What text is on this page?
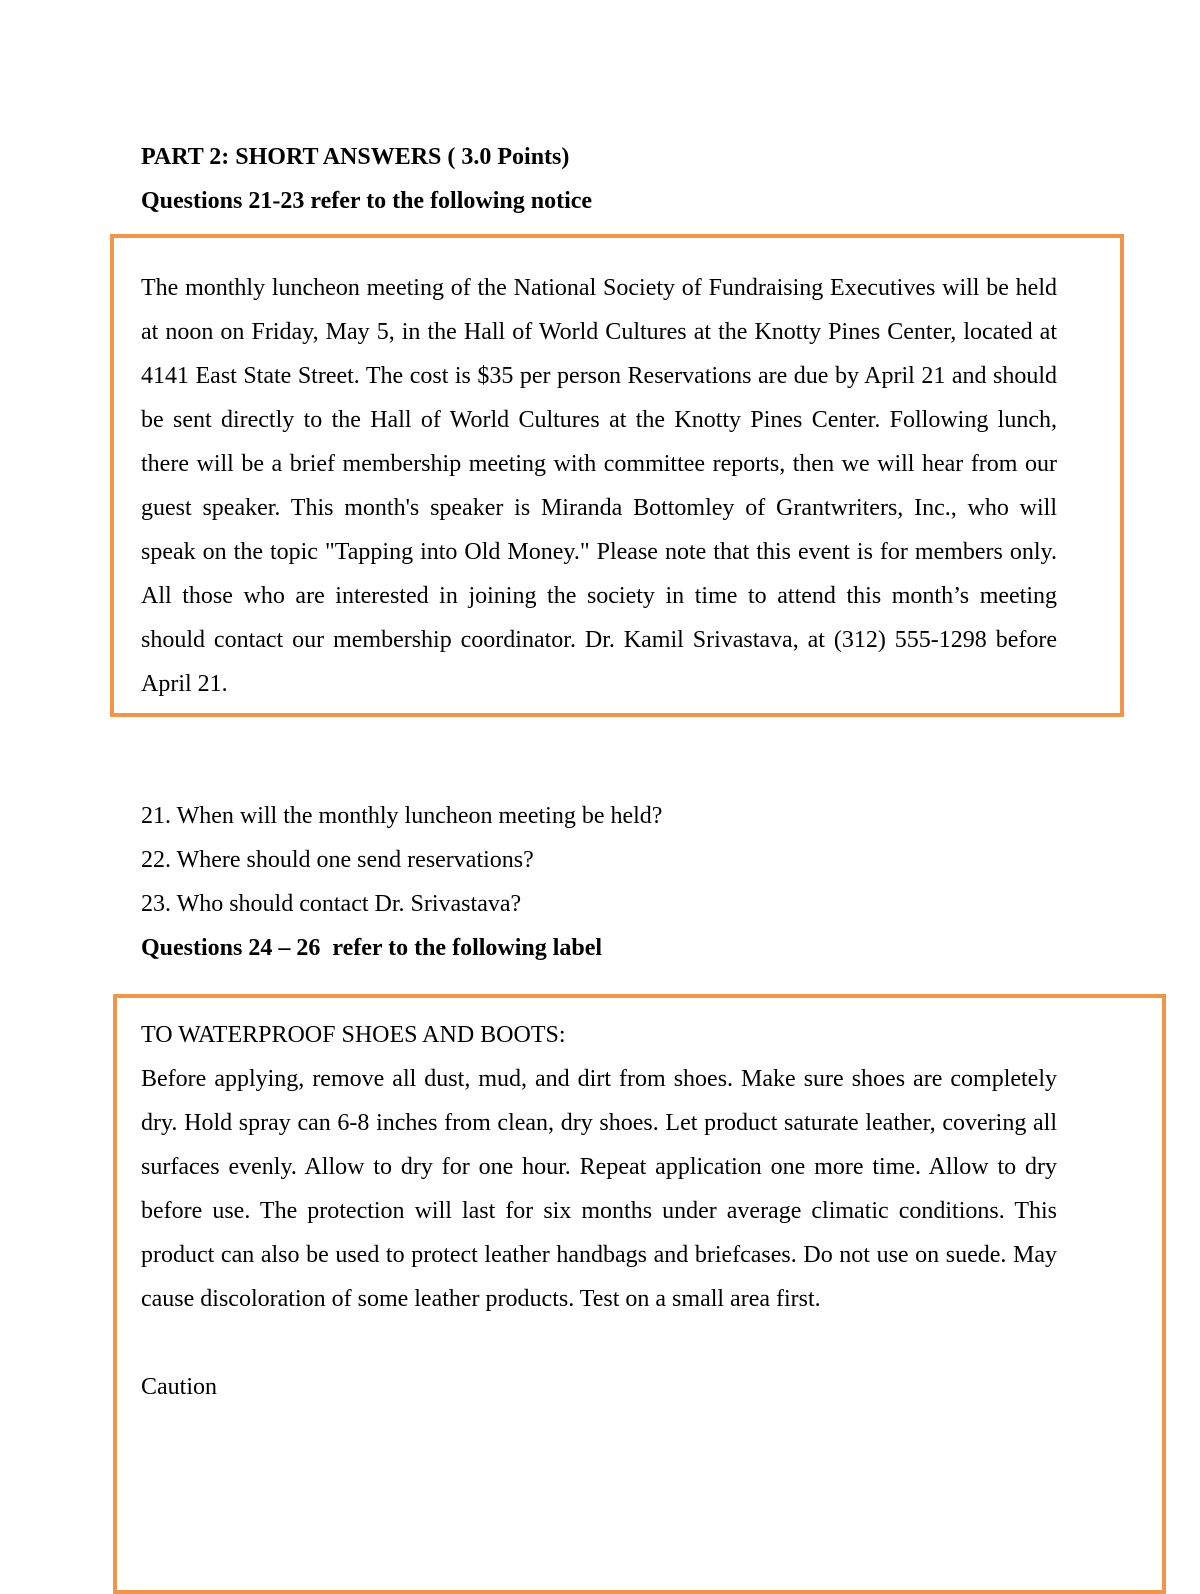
PART 2: SHORT ANSWERS ( 3.0 Points)
Questions 21-23 refer to the following notice
The monthly luncheon meeting of the National Society of Fundraising Executives will be held at noon on Friday, May 5, in the Hall of World Cultures at the Knotty Pines Center, located at 4141 East State Street. The cost is $35 per person Reservations are due by April 21 and should be sent directly to the Hall of World Cultures at the Knotty Pines Center. Following lunch, there will be a brief membership meeting with committee reports, then we will hear from our guest speaker. This month's speaker is Miranda Bottomley of Grantwriters, Inc., who will speak on the topic "Tapping into Old Money." Please note that this event is for members only. All those who are interested in joining the society in time to attend this month’s meeting should contact our membership coordinator. Dr. Kamil Srivastava, at (312) 555-1298 before April 21.
21. When will the monthly luncheon meeting be held?
22. Where should one send reservations?
23. Who should contact Dr. Srivastava?
Questions 24 – 26  refer to the following label
TO WATERPROOF SHOES AND BOOTS:
Before applying, remove all dust, mud, and dirt from shoes. Make sure shoes are completely dry. Hold spray can 6-8 inches from clean, dry shoes. Let product saturate leather, covering all surfaces evenly. Allow to dry for one hour. Repeat application one more time. Allow to dry before use. The protection will last for six months under average climatic conditions. This product can also be used to protect leather handbags and briefcases. Do not use on suede. May cause discoloration of some leather products. Test on a small area first.
Caution
